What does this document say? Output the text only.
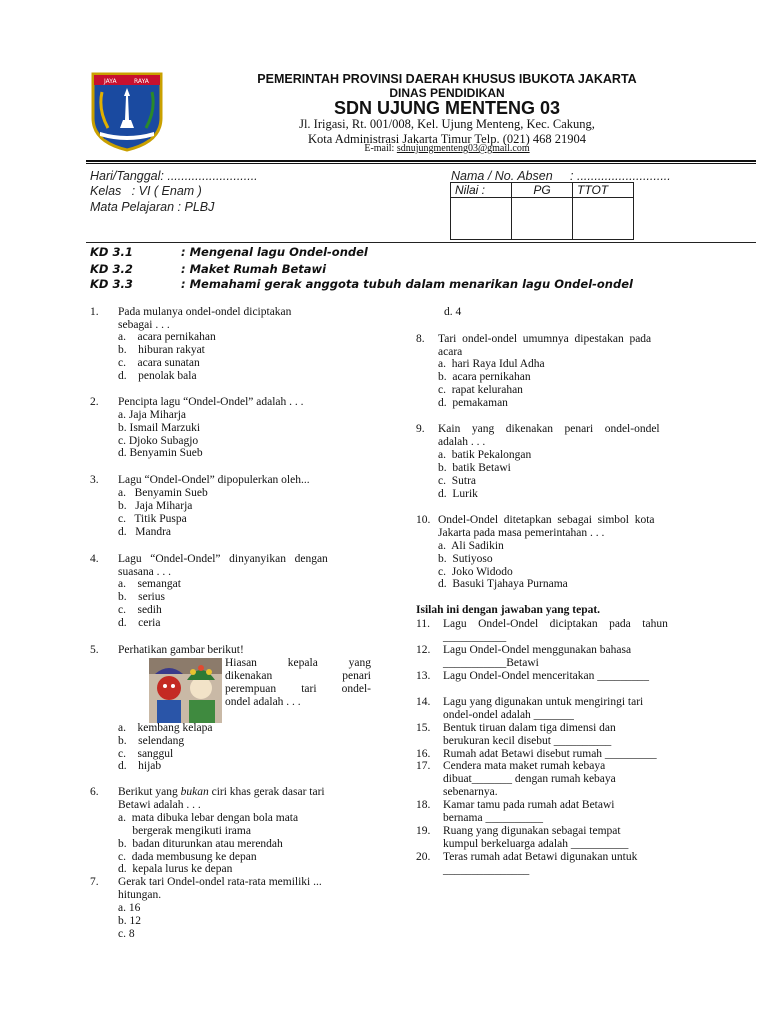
JAYA	RAYA	PEMERINTAH PROVINSI DAERAH KHUSUS IBUKOTA JAKARTA
DINAS PENDIDIKAN
SDN UJUNG MENTENG 03
Jl. Irigasi, Rt. 001/008, Kel. Ujung Menteng, Kec. Cakung,
Kota Administrasi Jakarta Timur Telp. (021) 468 21904
E-mail: sdnujungmenteng03@gmail.com
Hari/Tanggal: ..........................
Kelas   : VI ( Enam )
Mata Pelajaran : PLBJ
Nama / No. Absen     : ...........................
Nilai :	PG	TTOT

KD 3.1	: Mengenal lagu Ondel-ondel
KD 3.2	: Maket Rumah Betawi
KD 3.3	: Memahami gerak anggota tubuh dalam menarikan lagu Ondel-ondel
1. Pada mulanya ondel-ondel diciptakan
sebagai . . .
a.    acara pernikahan
b.    hiburan rakyat
c.    acara sunatan
d.    penolak bala
2. Pencipta lagu “Ondel-Ondel” adalah . . .
a. Jaja Miharja
b. Ismail Marzuki
c. Djoko Subagjo
d. Benyamin Sueb
3. Lagu “Ondel-Ondel” dipopulerkan oleh...
a.   Benyamin Sueb
b.   Jaja Miharja
c.   Titik Puspa
d.   Mandra
4. Lagu   “Ondel-Ondel”   dinyanyikan   dengan
suasana . . .
a.    semangat
b.    serius
c.    sedih
d.    ceria
5. Perhatikan gambar berikut!
Hiasan        kepala        yang
dikenakan                 penari
perempuan   tari   ondel-
ondel adalah . . .
a.    kembang kelapa
b.    selendang
c.    sanggul
d.    hijab
6. Berikut yang bukan ciri khas gerak dasar tari
Betawi adalah . . .
a.  mata dibuka lebar dengan bola mata
bergerak mengikuti irama
b.  badan diturunkan atau merendah
c.  dada membusung ke depan
d.  kepala lurus ke depan
7. Gerak tari Ondel-ondel rata-rata memiliki ...
hitungan.
a. 16
b. 12
c. 8
d. 4
8. Tari  ondel-ondel  umumnya  dipestakan  pada
acara
a.  hari Raya Idul Adha
b.  acara pernikahan
c.  rapat kelurahan
d.  pemakaman
9. Kain    yang    dikenakan    penari    ondel-ondel
adalah . . .
a.  batik Pekalongan
b.  batik Betawi
c.  Sutra
d.  Lurik
10. Ondel-Ondel  ditetapkan  sebagai  simbol  kota
Jakarta pada masa pemerintahan . . .
a.  Ali Sadikin
b.  Sutiyoso
c.  Joko Widodo
d.  Basuki Tjahaya Purnama
Isilah ini dengan jawaban yang tepat.
11. Lagu    Ondel-Ondel    diciptakan    pada    tahun
___________
12. Lagu Ondel-Ondel menggunakan bahasa
___________Betawi
13. Lagu Ondel-Ondel menceritakan _________
14. Lagu yang digunakan untuk mengiringi tari
ondel-ondel adalah _______
15. Bentuk tiruan dalam tiga dimensi dan
berukuran kecil disebut __________
16. Rumah adat Betawi disebut rumah _________
17. Cendera mata maket rumah kebaya
dibuat_______ dengan rumah kebaya
sebenarnya.
18. Kamar tamu pada rumah adat Betawi
bernama __________
19. Ruang yang digunakan sebagai tempat
kumpul berkeluarga adalah __________
20. Teras rumah adat Betawi digunakan untuk
_______________
